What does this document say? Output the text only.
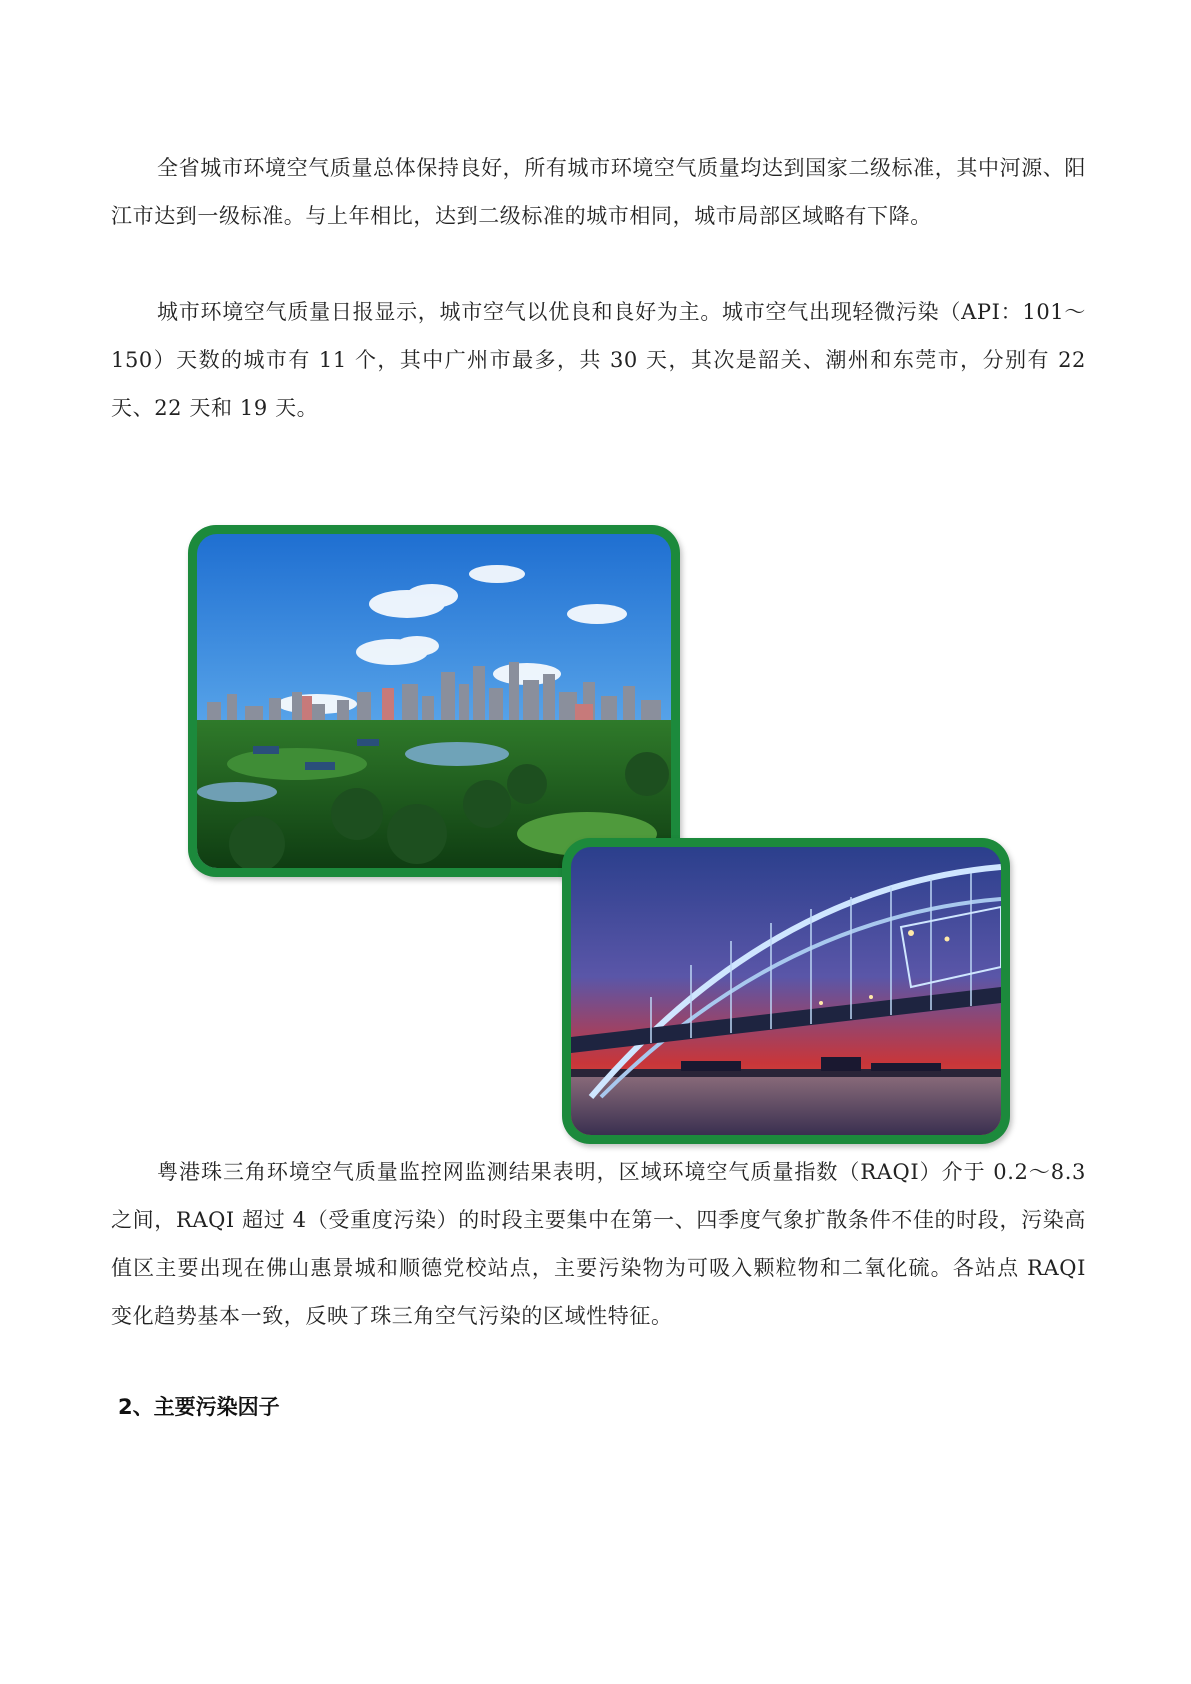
全省城市环境空气质量总体保持良好，所有城市环境空气质量均达到国家二级标准，其中河源、阳江市达到一级标准。与上年相比，达到二级标准的城市相同，城市局部区域略有下降。

城市环境空气质量日报显示，城市空气以优良和良好为主。城市空气出现轻微污染（API：101～150）天数的城市有 11 个，其中广州市最多，共 30 天，其次是韶关、潮州和东莞市，分别有 22 天、22 天和 19 天。

粤港珠三角环境空气质量监控网监测结果表明，区域环境空气质量指数（RAQI）介于 0.2～8.3 之间，RAQI 超过 4（受重度污染）的时段主要集中在第一、四季度气象扩散条件不佳的时段，污染高值区主要出现在佛山惠景城和顺德党校站点，主要污染物为可吸入颗粒物和二氧化硫。各站点 RAQI 变化趋势基本一致，反映了珠三角空气污染的区域性特征。

2、主要污染因子
